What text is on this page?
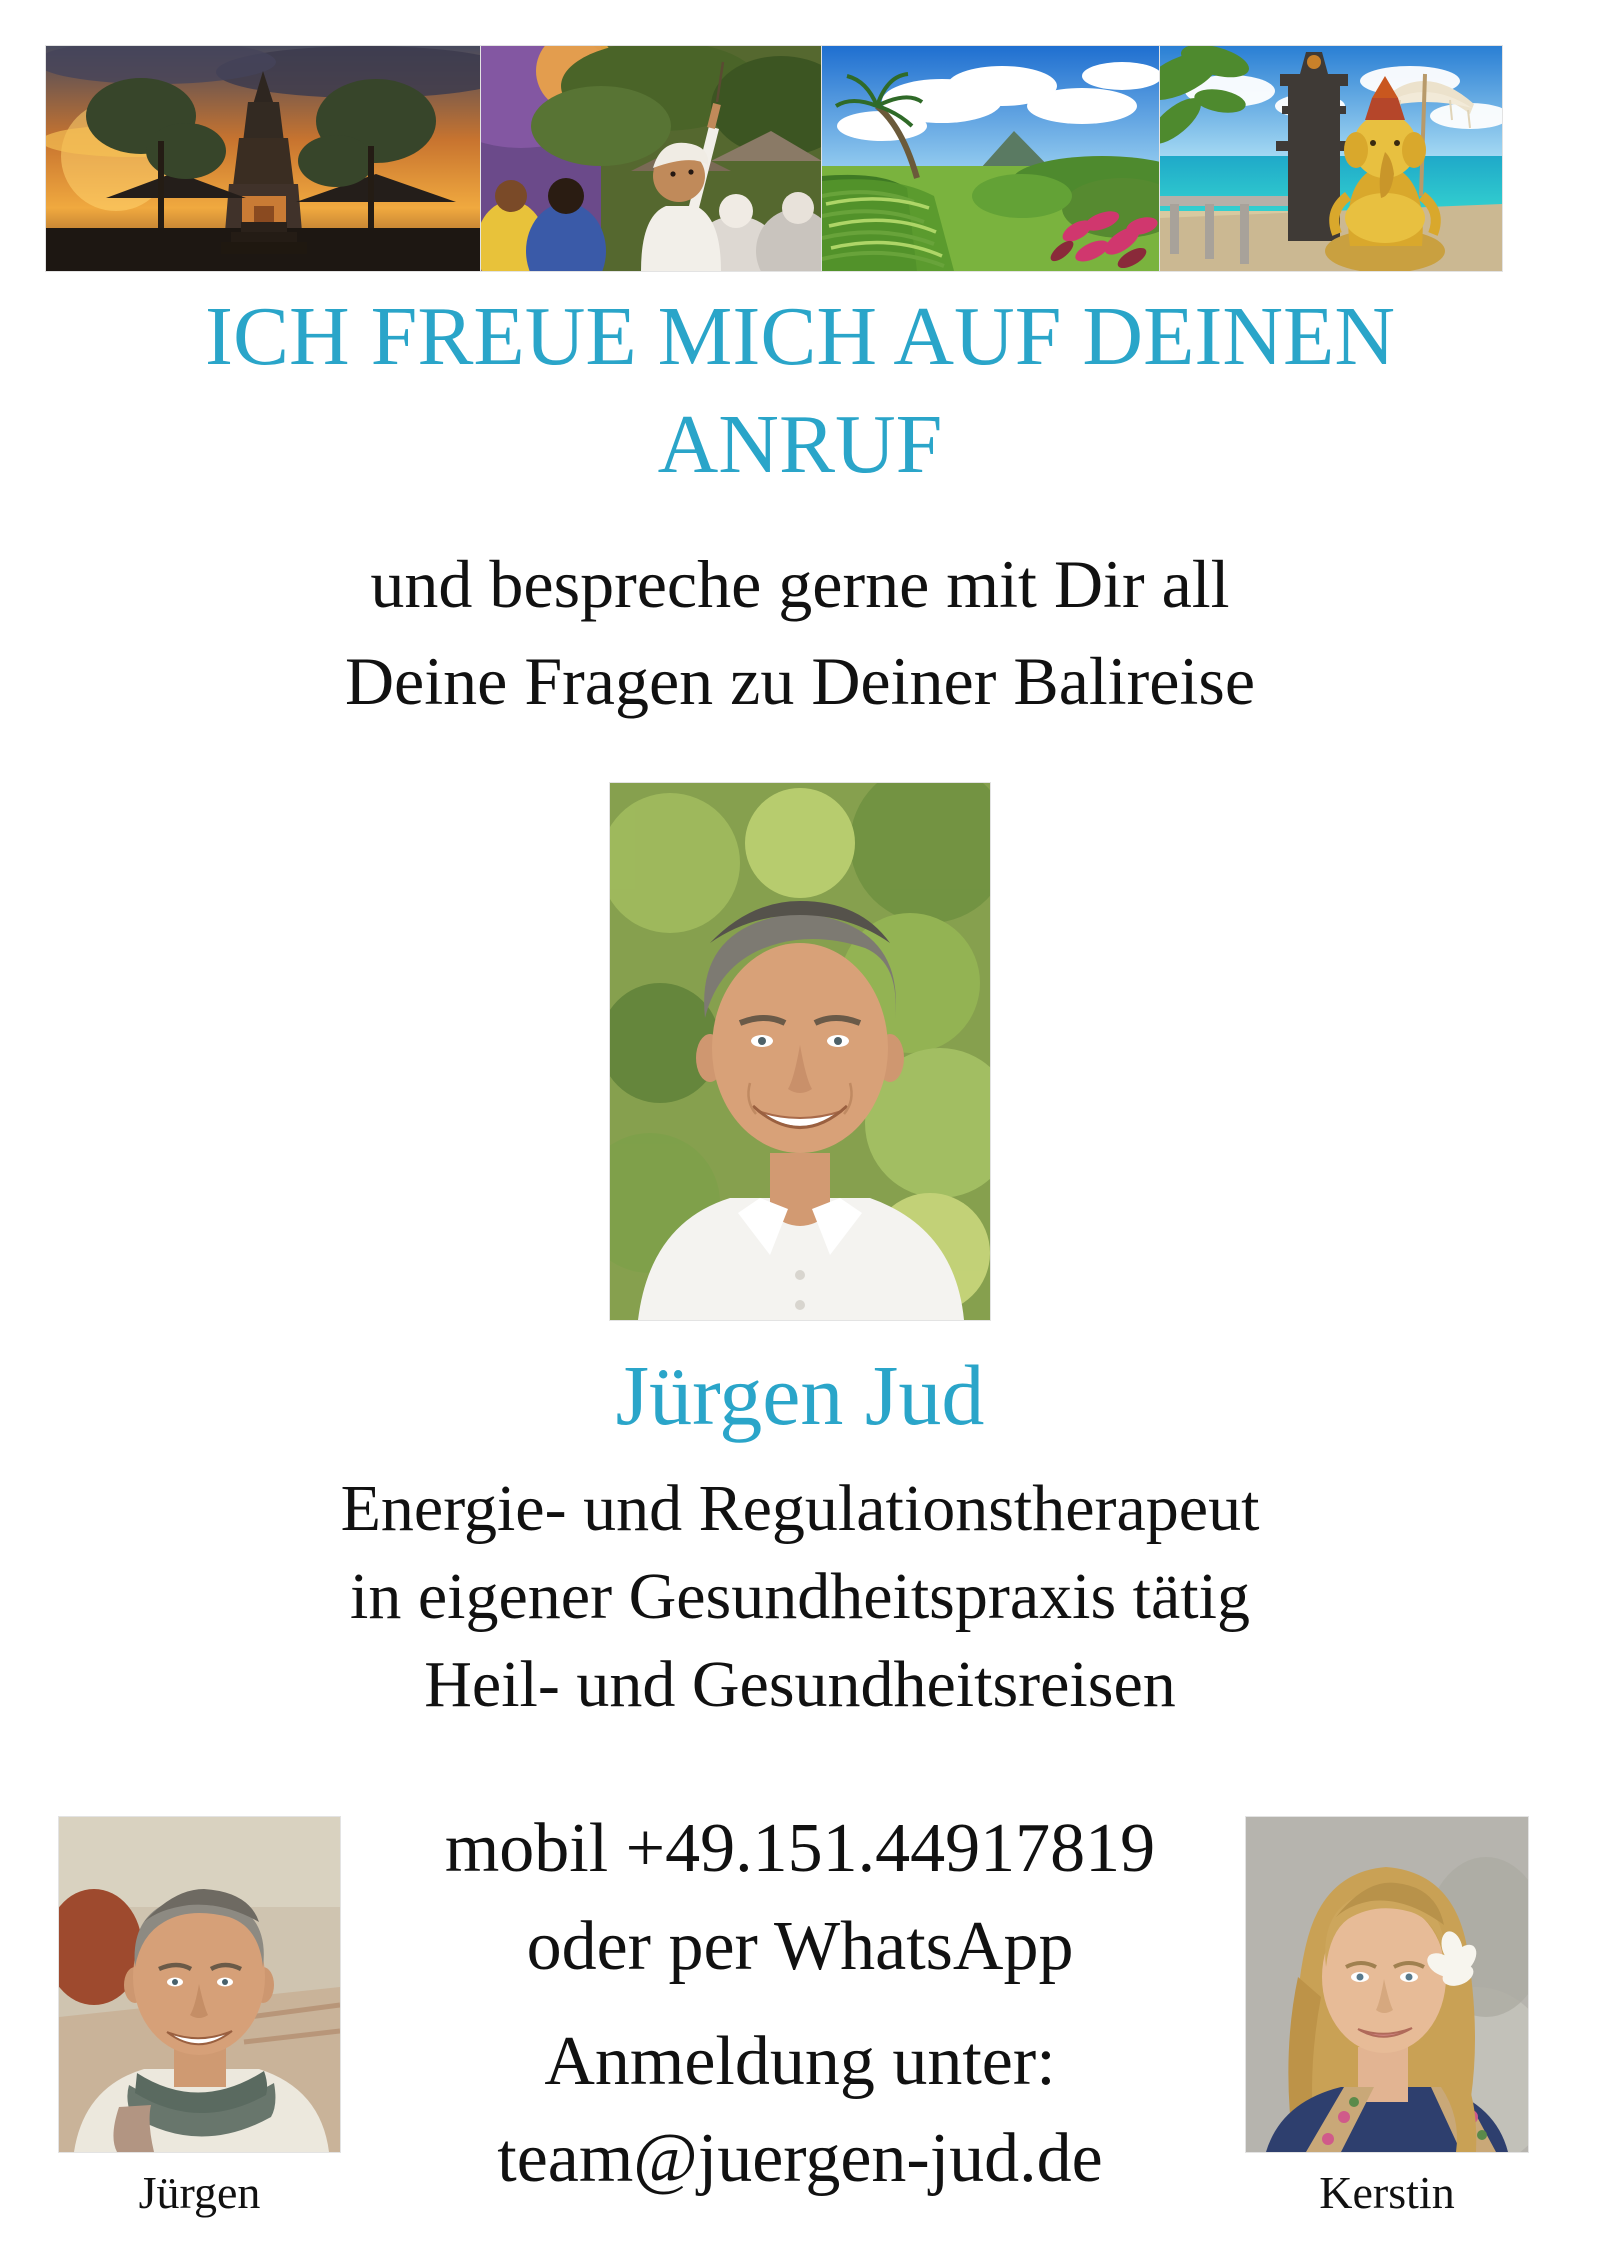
ICH FREUE MICH AUF DEINEN
ANRUF
und bespreche gerne mit Dir all
Deine Fragen zu Deiner Balireise
Jürgen Jud
Energie- und Regulationstherapeut
in eigener Gesundheitspraxis tätig
Heil- und Gesundheitsreisen
mobil +49.151.44917819
oder per WhatsApp
Anmeldung unter:
team@juergen-jud.de
Jürgen	Kerstin
